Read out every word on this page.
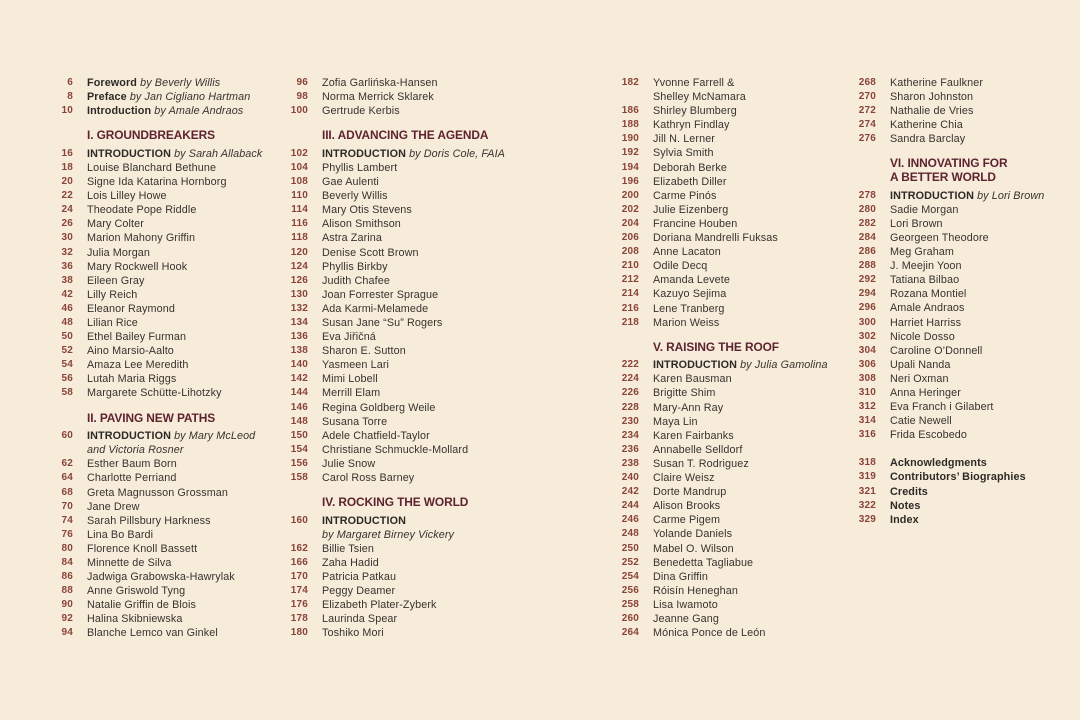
6 Foreword by Beverly Willis
8 Preface by Jan Cigliano Hartman
10 Introduction by Amale Andraos
I. GROUNDBREAKERS
16 INTRODUCTION by Sarah Allaback
18 Louise Blanchard Bethune
20 Signe Ida Katarina Hornborg
22 Lois Lilley Howe
24 Theodate Pope Riddle
26 Mary Colter
30 Marion Mahony Griffin
32 Julia Morgan
36 Mary Rockwell Hook
38 Eileen Gray
42 Lilly Reich
46 Eleanor Raymond
48 Lilian Rice
50 Ethel Bailey Furman
52 Aino Marsio-Aalto
54 Amaza Lee Meredith
56 Lutah Maria Riggs
58 Margarete Schütte-Lihotzky
II. PAVING NEW PATHS
60 INTRODUCTION by Mary McLeod
and Victoria Rosner
62 Esther Baum Born
64 Charlotte Perriand
68 Greta Magnusson Grossman
70 Jane Drew
74 Sarah Pillsbury Harkness
76 Lina Bo Bardi
80 Florence Knoll Bassett
84 Minnette de Silva
86 Jadwiga Grabowska-Hawrylak
88 Anne Griswold Tyng
90 Natalie Griffin de Blois
92 Halina Skibniewska
94 Blanche Lemco van Ginkel
96 Zofia Garlińska-Hansen
98 Norma Merrick Sklarek
100 Gertrude Kerbis
III. ADVANCING THE AGENDA
102 INTRODUCTION by Doris Cole, FAIA
104 Phyllis Lambert
108 Gae Aulenti
110 Beverly Willis
114 Mary Otis Stevens
116 Alison Smithson
118 Astra Zarina
120 Denise Scott Brown
124 Phyllis Birkby
126 Judith Chafee
130 Joan Forrester Sprague
132 Ada Karmi-Melamede
134 Susan Jane “Su” Rogers
136 Eva Jiřičná
138 Sharon E. Sutton
140 Yasmeen Lari
142 Mimi Lobell
144 Merrill Elam
146 Regina Goldberg Weile
148 Susana Torre
150 Adele Chatfield-Taylor
154 Christiane Schmuckle-Mollard
156 Julie Snow
158 Carol Ross Barney
IV. ROCKING THE WORLD
160 INTRODUCTION
by Margaret Birney Vickery
162 Billie Tsien
166 Zaha Hadid
170 Patricia Patkau
174 Peggy Deamer
176 Elizabeth Plater-Zyberk
178 Laurinda Spear
180 Toshiko Mori
182 Yvonne Farrell &
Shelley McNamara
186 Shirley Blumberg
188 Kathryn Findlay
190 Jill N. Lerner
192 Sylvia Smith
194 Deborah Berke
196 Elizabeth Diller
200 Carme Pinós
202 Julie Eizenberg
204 Francine Houben
206 Doriana Mandrelli Fuksas
208 Anne Lacaton
210 Odile Decq
212 Amanda Levete
214 Kazuyo Sejima
216 Lene Tranberg
218 Marion Weiss
V. RAISING THE ROOF
222 INTRODUCTION by Julia Gamolina
224 Karen Bausman
226 Brigitte Shim
228 Mary-Ann Ray
230 Maya Lin
234 Karen Fairbanks
236 Annabelle Selldorf
238 Susan T. Rodriguez
240 Claire Weisz
242 Dorte Mandrup
244 Alison Brooks
246 Carme Pigem
248 Yolande Daniels
250 Mabel O. Wilson
252 Benedetta Tagliabue
254 Dina Griffin
256 Róisín Heneghan
258 Lisa Iwamoto
260 Jeanne Gang
264 Mónica Ponce de León
268 Katherine Faulkner
270 Sharon Johnston
272 Nathalie de Vries
274 Katherine Chia
276 Sandra Barclay
VI. INNOVATING FOR
A BETTER WORLD
278 INTRODUCTION by Lori Brown
280 Sadie Morgan
282 Lori Brown
284 Georgeen Theodore
286 Meg Graham
288 J. Meejin Yoon
292 Tatiana Bilbao
294 Rozana Montiel
296 Amale Andraos
300 Harriet Harriss
302 Nicole Dosso
304 Caroline O’Donnell
306 Upali Nanda
308 Neri Oxman
310 Anna Heringer
312 Eva Franch i Gilabert
314 Catie Newell
316 Frida Escobedo
318 Acknowledgments
319 Contributors’ Biographies
321 Credits
322 Notes
329 Index
